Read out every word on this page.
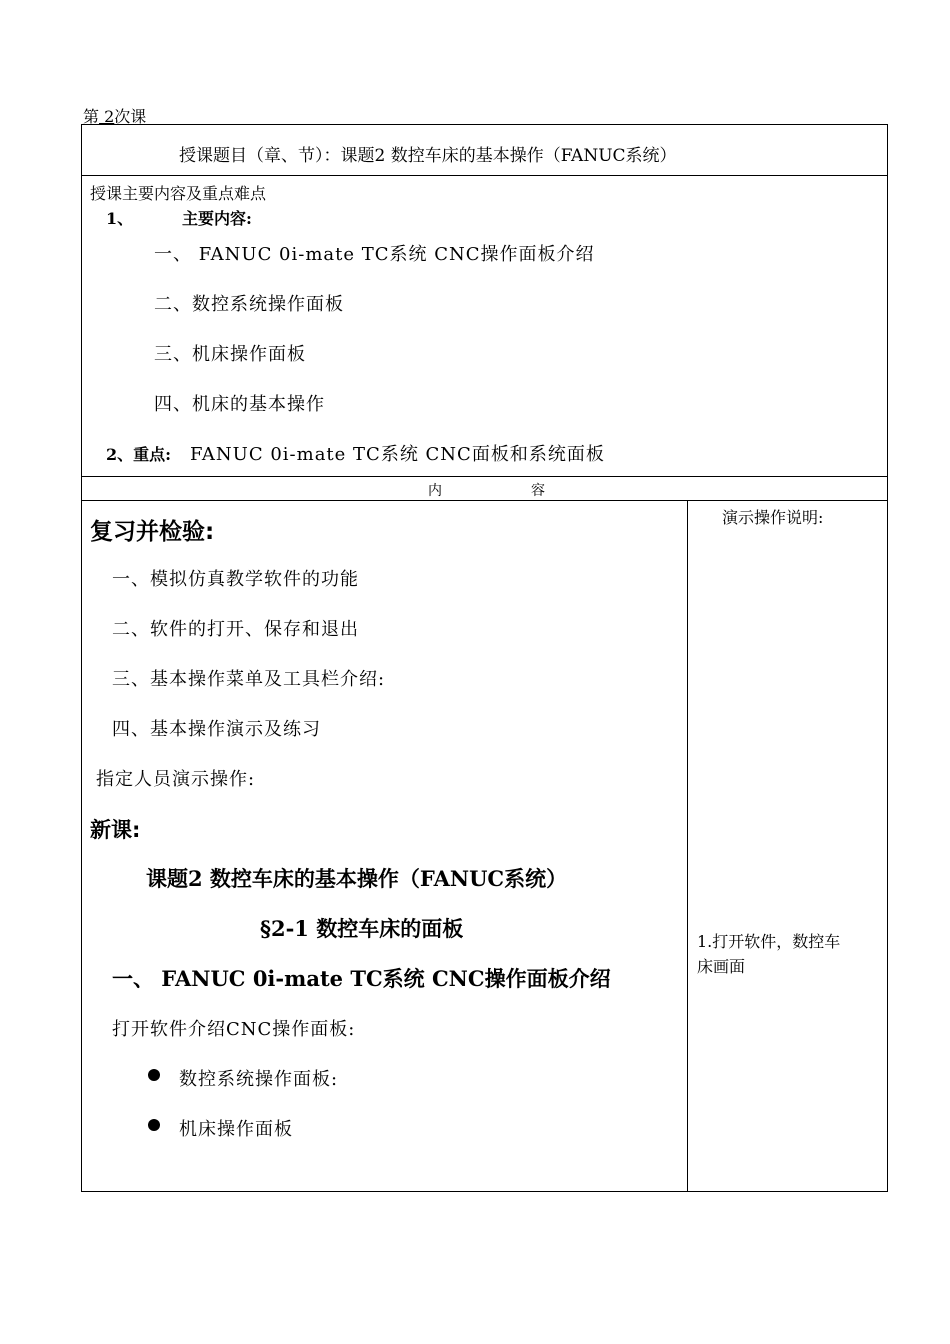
第 2次课
授课题目（章、节）：课题2 数控车床的基本操作（FANUC系统）
授课主要内容及重点难点
1、	主要内容:
一、 FANUC 0i-mate TC系统 CNC操作面板介绍
二、数控系统操作面板
三、机床操作面板
四、机床的基本操作
2、重点: FANUC 0i-mate TC系统 CNC面板和系统面板
内	容
复习并检验:
一、模拟仿真教学软件的功能
二、软件的打开、保存和退出
三、基本操作菜单及工具栏介绍:
四、基本操作演示及练习
指定人员演示操作:
新课:
课题2 数控车床的基本操作（FANUC系统）
§2-1 数控车床的面板
一、 FANUC 0i-mate TC系统 CNC操作面板介绍
打开软件介绍CNC操作面板:
数控系统操作面板:
机床操作面板
演示操作说明:
1.打开软件，数控车
床画面
